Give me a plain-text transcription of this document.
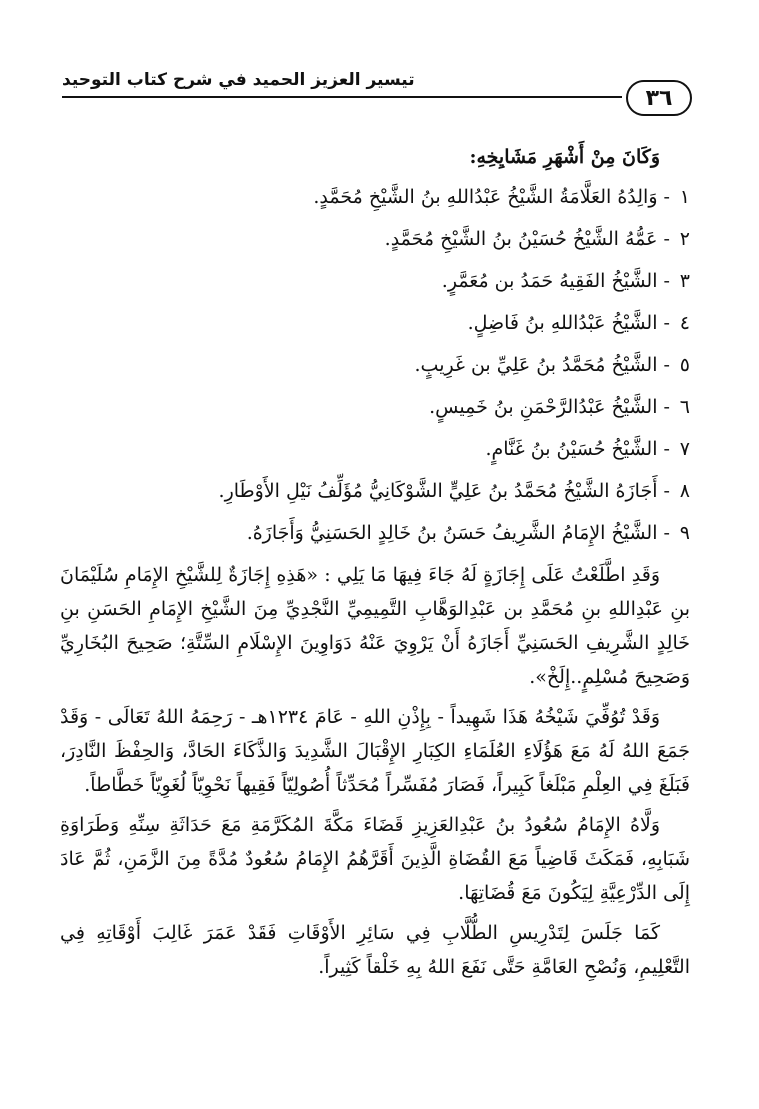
٣٦
تيسير العزيز الحميد في شرح كتاب التوحيد
وَكَانَ مِنْ أَشْهَرِ مَشَايِخِهِ:
١ - وَالِدُهُ العَلَّامَةُ الشَّيْخُ عَبْدُاللهِ بنُ الشَّيْخِ مُحَمَّدٍ.
٢ - عَمُّهُ الشَّيْخُ حُسَيْنُ بنُ الشَّيْخِ مُحَمَّدٍ.
٣ - الشَّيْخُ الفَقِيهُ حَمَدُ بن مُعَمَّرٍ.
٤ - الشَّيْخُ عَبْدُاللهِ بنُ فَاضِلٍ.
٥ - الشَّيْخُ مُحَمَّدُ بنُ عَلِيِّ بن غَرِيبٍ.
٦ - الشَّيْخُ عَبْدُالرَّحْمَنِ بنُ خَمِيسٍ.
٧ - الشَّيْخُ حُسَيْنُ بنُ غَنَّامٍ.
٨ - أَجَازَهُ الشَّيْخُ مُحَمَّدُ بنُ عَلِيٍّ الشَّوْكَانِيُّ مُؤَلِّفُ نَيْلِ الأَوْطَارِ.
٩ - الشَّيْخُ الإِمَامُ الشَّرِيفُ حَسَنُ بنُ خَالِدٍ الحَسَنِيُّ وَأَجَازَهُ.

وَقَدِ اطَّلَعْتُ عَلَى إِجَازَةٍ لَهُ جَاءَ فِيهَا مَا يَلِي : «هَذِهِ إِجَازَةٌ لِلشَّيْخِ الإِمَامِ سُلَيْمَانَ بنِ عَبْدِاللهِ بنِ مُحَمَّدِ بن عَبْدِالوَهَّابِ التَّمِيمِيِّ النَّجْدِيِّ مِنَ الشَّيْخِ الإِمَامِ الحَسَنِ بنِ خَالِدٍ الشَّرِيفِ الحَسَنِيِّ أَجَازَهُ أَنْ يَرْوِيَ عَنْهُ دَوَاوِينَ الإِسْلَامِ السِّتَّةِ؛ صَحِيحَ البُخَارِيِّ وَصَحِيحَ مُسْلِمٍ..إِلَخْ».

وَقَدْ تُوُفِّيَ شَيْخُهُ هَذَا شَهِيداً - بِإِذْنِ اللهِ - عَامَ ١٢٣٤هـ - رَحِمَهُ اللهُ تَعَالَى - وَقَدْ جَمَعَ اللهُ لَهُ مَعَ هَؤُلَاءِ العُلَمَاءِ الكِبَارِ الإِقْبَالَ الشَّدِيدَ وَالذَّكَاءَ الحَادَّ، وَالحِفْظَ النَّادِرَ، فَبَلَغَ فِي العِلْمِ مَبْلَغاً كَبِيراً، فَصَارَ مُفَسِّراً مُحَدِّثاً أُصُولِيّاً فَقِيهاً نَحْوِيّاً لُغَوِيّاً خَطَّاطاً.

وَلَّاهُ الإِمَامُ سُعُودُ بنُ عَبْدِالعَزِيزِ قَضَاءَ مَكَّةَ المُكَرَّمَةِ مَعَ حَدَاثَةِ سِنِّهِ وَطَرَاوَةِ شَبَابِهِ، فَمَكَثَ قَاضِياً مَعَ القُضَاةِ الَّذِينَ أَقَرَّهُمُ الإِمَامُ سُعُودٌ مُدَّةً مِنَ الزَّمَنِ، ثُمَّ عَادَ إِلَى الدِّرْعِيَّةِ لِيَكُونَ مَعَ قُضَاتِهَا.

كَمَا جَلَسَ لِتَدْرِيسِ الطُّلَّابِ فِي سَائِرِ الأَوْقَاتِ فَقَدْ عَمَرَ غَالِبَ أَوْقَاتِهِ فِي التَّعْلِيمِ، وَنُصْحِ العَامَّةِ حَتَّى نَفَعَ اللهُ بِهِ خَلْقاً كَثِيراً.
